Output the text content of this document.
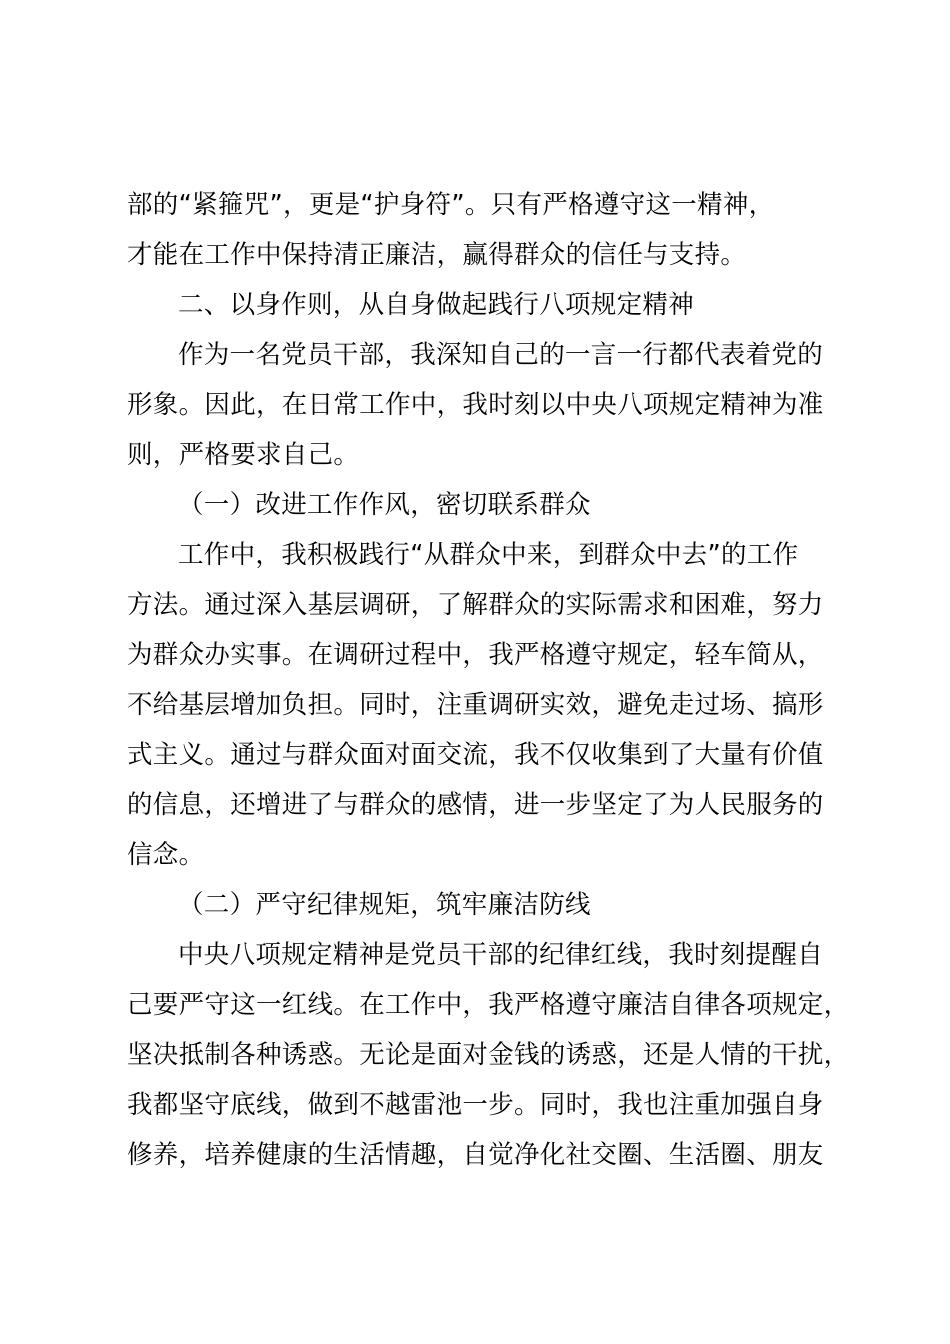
部的“紧箍咒”，更是“护身符”。只有严格遵守这一精神，
才能在工作中保持清正廉洁，赢得群众的信任与支持。
二、以身作则，从自身做起践行八项规定精神
作为一名党员干部，我深知自己的一言一行都代表着党的
形象。因此，在日常工作中，我时刻以中央八项规定精神为准
则，严格要求自己。
（一）改进工作作风，密切联系群众
工作中，我积极践行“从群众中来，到群众中去”的工作
方法。通过深入基层调研，了解群众的实际需求和困难，努力
为群众办实事。在调研过程中，我严格遵守规定，轻车简从，
不给基层增加负担。同时，注重调研实效，避免走过场、搞形
式主义。通过与群众面对面交流，我不仅收集到了大量有价值
的信息，还增进了与群众的感情，进一步坚定了为人民服务的
信念。
（二）严守纪律规矩，筑牢廉洁防线
中央八项规定精神是党员干部的纪律红线，我时刻提醒自
己要严守这一红线。在工作中，我严格遵守廉洁自律各项规定，
坚决抵制各种诱惑。无论是面对金钱的诱惑，还是人情的干扰，
我都坚守底线，做到不越雷池一步。同时，我也注重加强自身
修养，培养健康的生活情趣，自觉净化社交圈、生活圈、朋友
